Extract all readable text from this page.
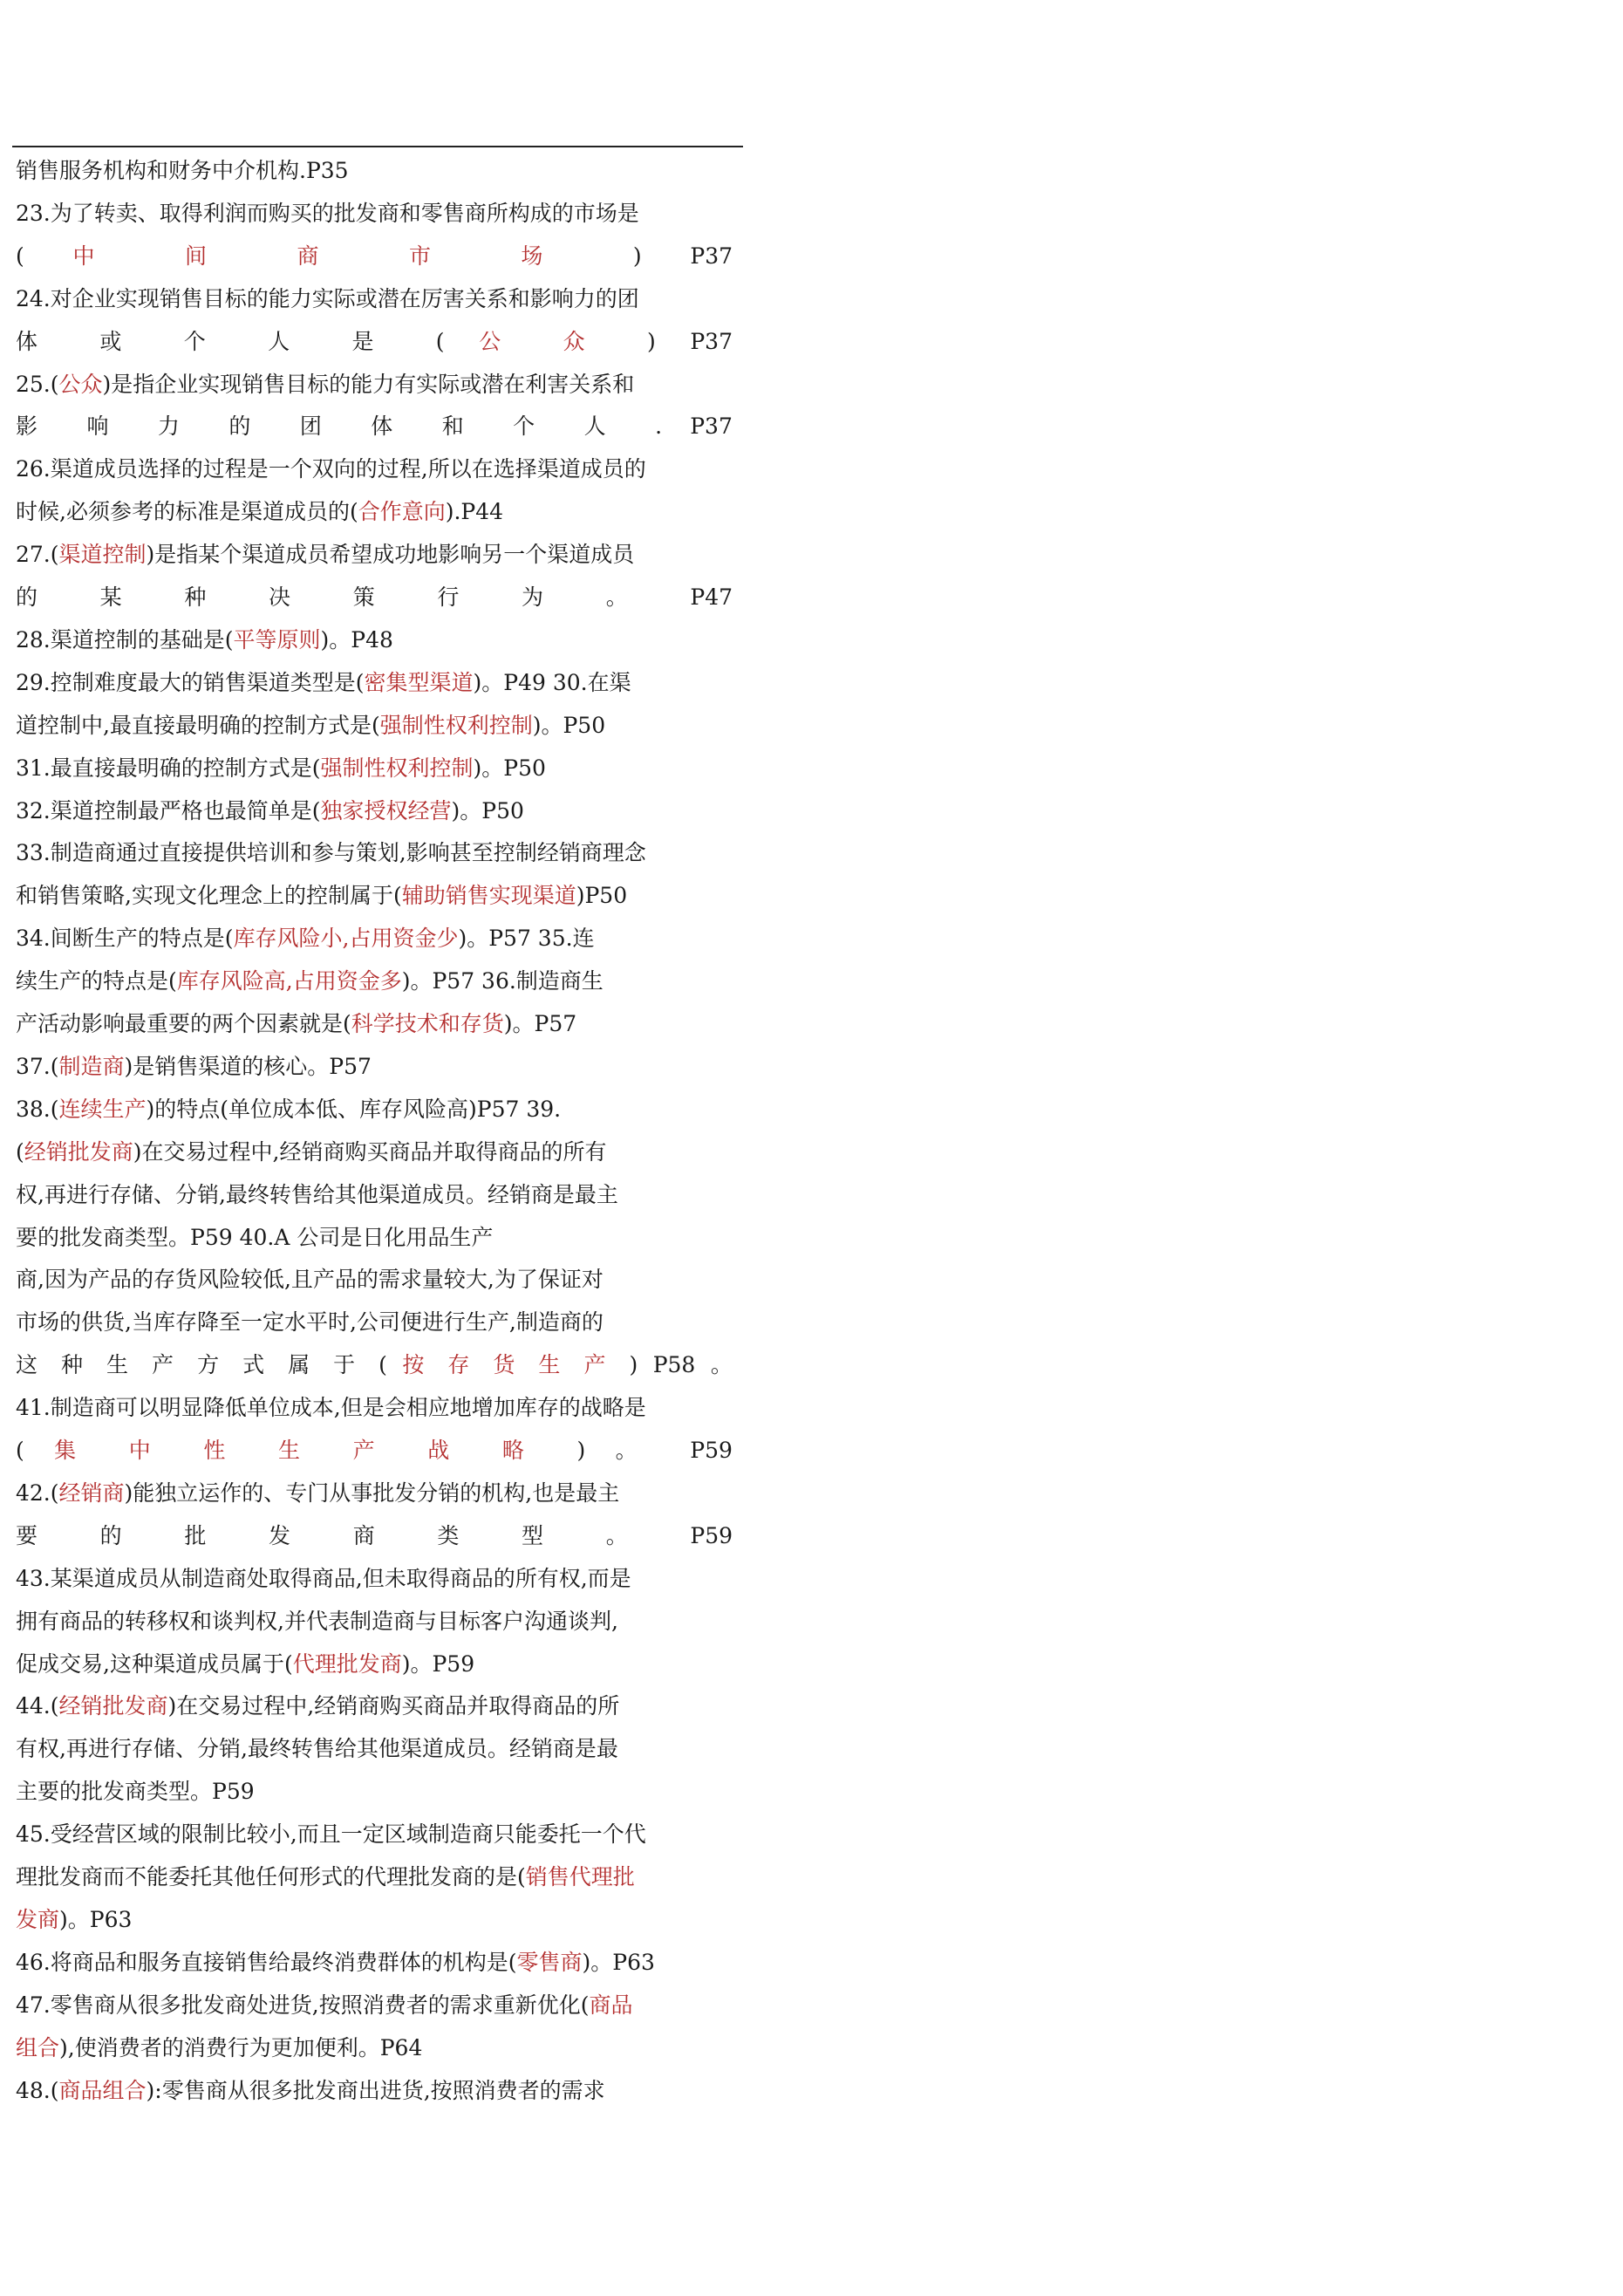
销售服务机构和财务中介机构.P35
23.为了转卖、取得利润而购买的批发商和零售商所构成的市场是
( 中 间 商 市 场 ) P37
24.对企业实现销售目标的能力实际或潜在厉害关系和影响力的团
体 或 个 人 是 ( 公 众 ) P37
25.(公众)是指企业实现销售目标的能力有实际或潜在利害关系和
影 响 力 的 团 体 和 个 人 . P37
26.渠道成员选择的过程是一个双向的过程,所以在选择渠道成员的
时候,必须参考的标准是渠道成员的(合作意向).P44
27.(渠道控制)是指某个渠道成员希望成功地影响另一个渠道成员
的 某 种 决 策 行 为 。 P47
28.渠道控制的基础是(平等原则)。P48
29.控制难度最大的销售渠道类型是(密集型渠道)。P49 30.在渠
道控制中,最直接最明确的控制方式是(强制性权利控制)。P50
31.最直接最明确的控制方式是(强制性权利控制)。P50
32.渠道控制最严格也最简单是(独家授权经营)。P50
33.制造商通过直接提供培训和参与策划,影响甚至控制经销商理念
和销售策略,实现文化理念上的控制属于(辅助销售实现渠道)P50
34.间断生产的特点是(库存风险小,占用资金少)。P57 35.连
续生产的特点是(库存风险高,占用资金多)。P57 36.制造商生
产活动影响最重要的两个因素就是(科学技术和存货)。P57
37.(制造商)是销售渠道的核心。P57
38.(连续生产)的特点(单位成本低、库存风险高)P57 39.
(经销批发商)在交易过程中,经销商购买商品并取得商品的所有
权,再进行存储、分销,最终转售给其他渠道成员。经销商是最主
要的批发商类型。P59 40.A 公司是日化用品生产
商,因为产品的存货风险较低,且产品的需求量较大,为了保证对
市场的供货,当库存降至一定水平时,公司便进行生产,制造商的
这 种 生 产 方 式 属 于 ( 按 存 货 生 产 ) P58 。
41.制造商可以明显降低单位成本,但是会相应地增加库存的战略是
( 集 中 性 生 产 战 略 ) 。 P59
42.(经销商)能独立运作的、专门从事批发分销的机构,也是最主
要 的 批 发 商 类 型 。 P59
43.某渠道成员从制造商处取得商品,但未取得商品的所有权,而是
拥有商品的转移权和谈判权,并代表制造商与目标客户沟通谈判,
促成交易,这种渠道成员属于(代理批发商)。P59
44.(经销批发商)在交易过程中,经销商购买商品并取得商品的所
有权,再进行存储、分销,最终转售给其他渠道成员。经销商是最
主要的批发商类型。P59
45.受经营区域的限制比较小,而且一定区域制造商只能委托一个代
理批发商而不能委托其他任何形式的代理批发商的是(销售代理批
发商)。P63
46.将商品和服务直接销售给最终消费群体的机构是(零售商)。P63
47.零售商从很多批发商处进货,按照消费者的需求重新优化(商品
组合),使消费者的消费行为更加便利。P64
48.(商品组合):零售商从很多批发商出进货,按照消费者的需求
